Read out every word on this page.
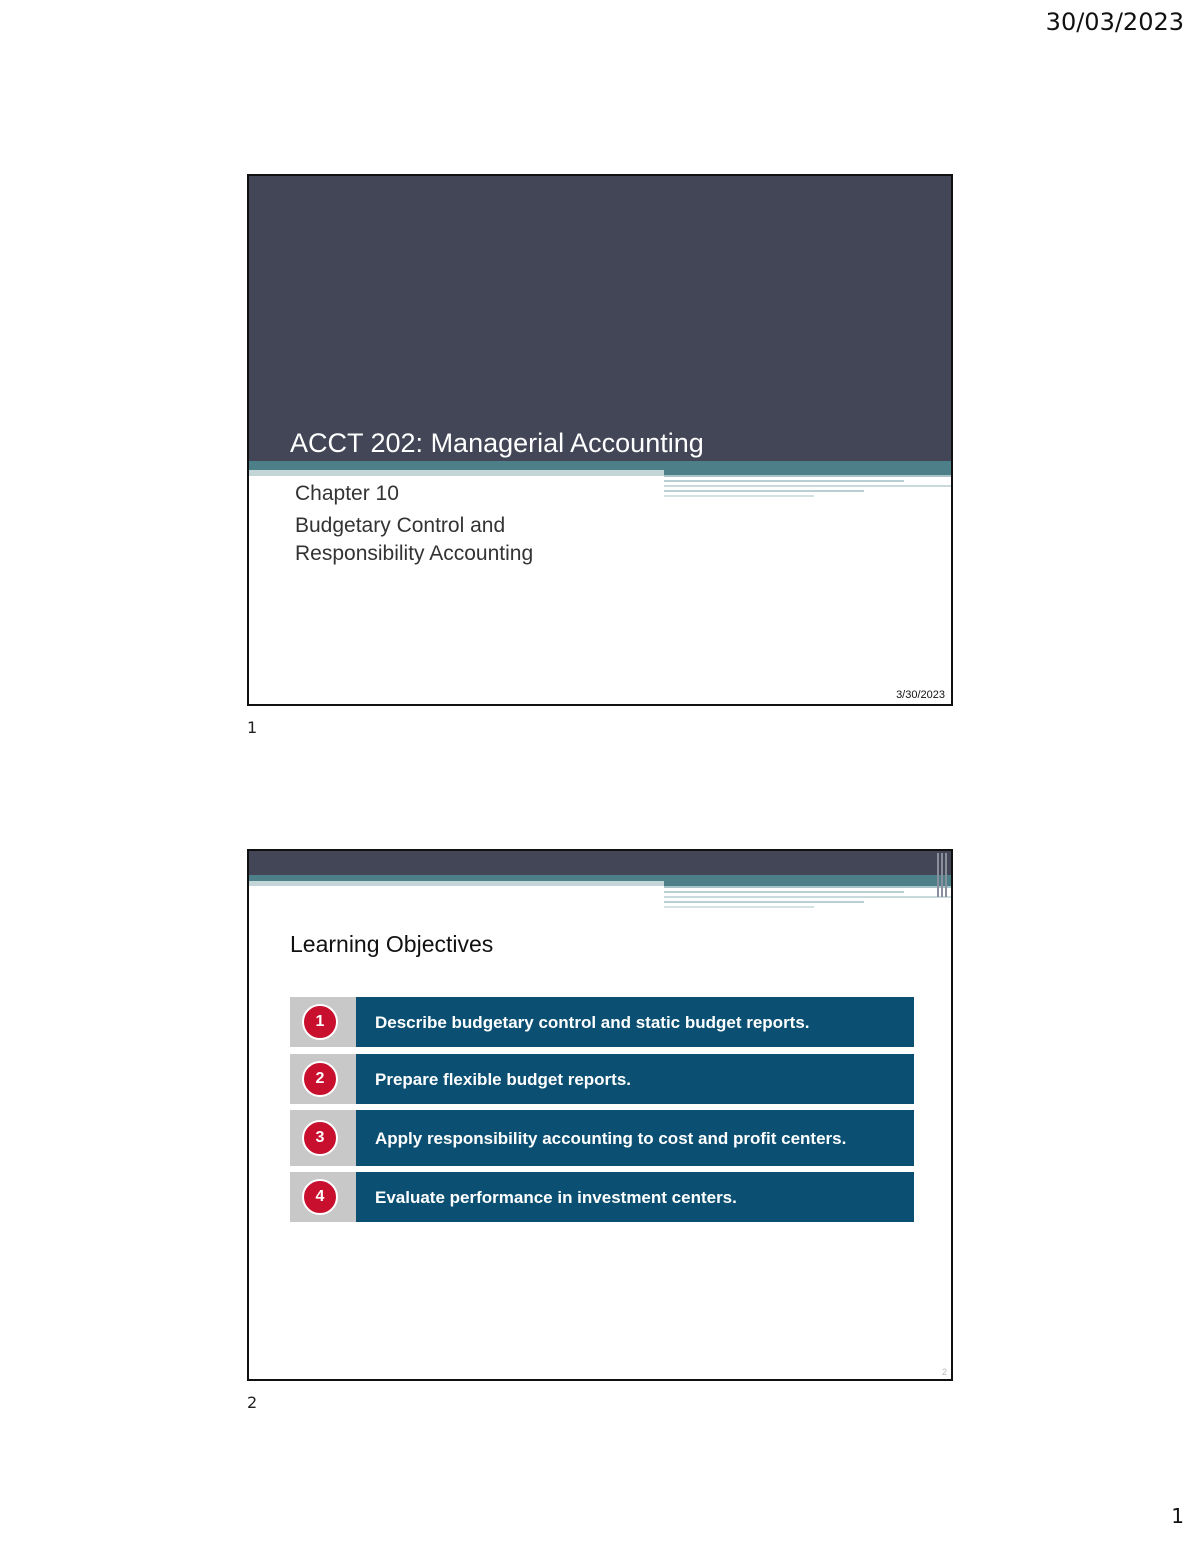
30/03/2023
ACCT 202: Managerial Accounting
Chapter 10
Budgetary Control and
Responsibility Accounting
3/30/2023
1
Learning Objectives
1	Describe budgetary control and static budget reports.
2	Prepare flexible budget reports.
3	Apply responsibility accounting to cost and profit centers.
4	Evaluate performance in investment centers.
2
2
1
